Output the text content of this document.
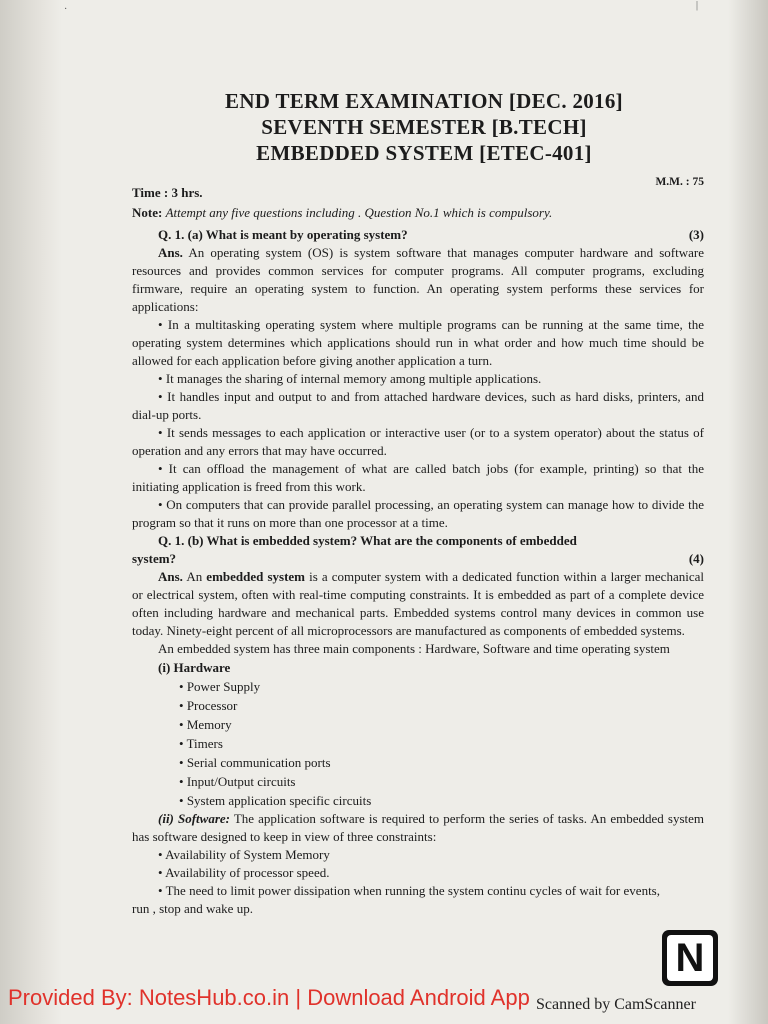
·	|
END TERM EXAMINATION [DEC. 2016]
SEVENTH SEMESTER [B.TECH]
EMBEDDED SYSTEM [ETEC-401]
M.M. : 75
Time : 3 hrs.
Note: Attempt any five questions including . Question No.1 which is compulsory.
Q. 1. (a) What is meant by operating system?	(3)

Ans. An operating system (OS) is system software that manages computer hardware and software resources and provides common services for computer programs. All computer programs, excluding firmware, require an operating system to function. An operating system performs these services for applications:

• In a multitasking operating system where multiple programs can be running at the same time, the operating system determines which applications should run in what order and how much time should be allowed for each application before giving another application a turn.

• It manages the sharing of internal memory among multiple applications.

• It handles input and output to and from attached hardware devices, such as hard disks, printers, and dial-up ports.

• It sends messages to each application or interactive user (or to a system operator) about the status of operation and any errors that may have occurred.

• It can offload the management of what are called batch jobs (for example, printing) so that the initiating application is freed from this work.

• On computers that can provide parallel processing, an operating system can manage how to divide the program so that it runs on more than one processor at a time.

Q. 1. (b) What is embedded system? What are the components of embedded
system?	(4)

Ans. An embedded system is a computer system with a dedicated function within a larger mechanical or electrical system, often with real-time computing constraints. It is embedded as part of a complete device often including hardware and mechanical parts. Embedded systems control many devices in common use today. Ninety-eight percent of all microprocessors are manufactured as components of embedded systems.

An embedded system has three main components : Hardware, Software and time operating system

(i) Hardware
• Power Supply
• Processor
• Memory
• Timers
• Serial communication ports
• Input/Output circuits
• System application specific circuits

(ii) Software: The application software is required to perform the series of tasks. An embedded system has software designed to keep in view of three constraints:

• Availability of System Memory

• Availability of processor speed.

• The need to limit power dissipation when running the system continu cycles of wait for events, run , stop and wake up.

N
Scanned by CamScanner
Provided By: NotesHub.co.in | Download Android App
